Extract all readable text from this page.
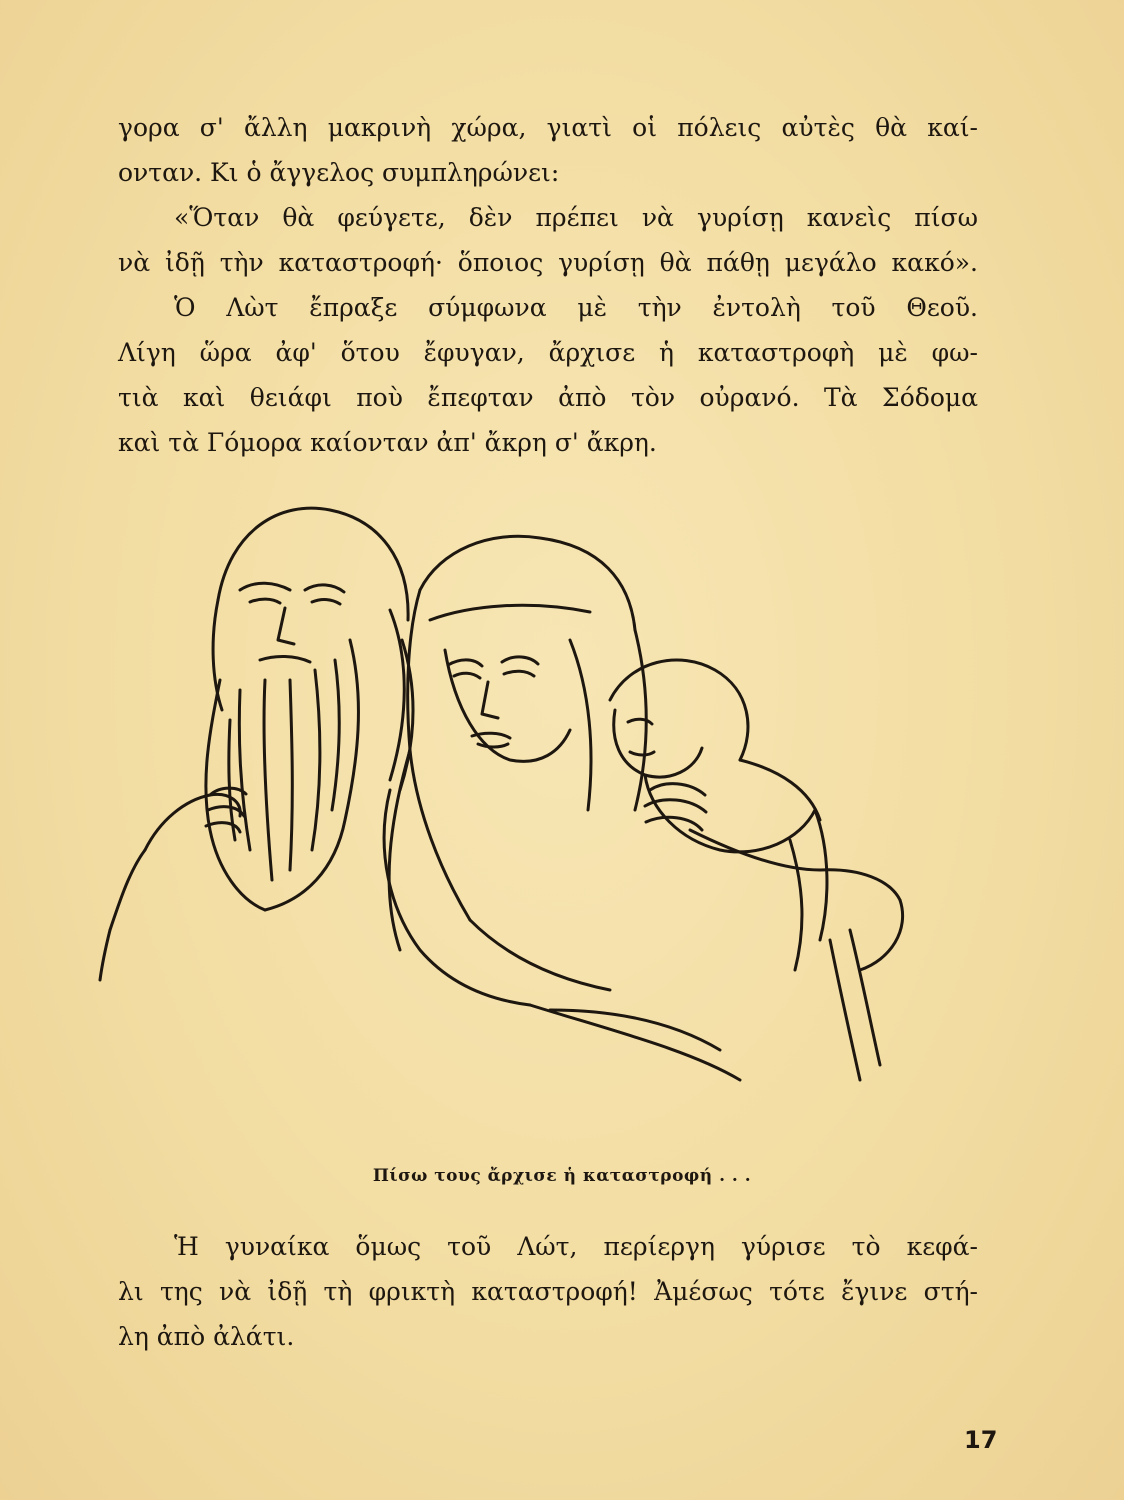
γορα σ' ἄλλη μακρινὴ χώρα, γιατὶ οἱ πόλεις αὐτὲς θὰ καί-
ονταν. Κι ὁ ἄγγελος συμπληρώνει:
«Ὅταν θὰ φεύγετε, δὲν πρέπει νὰ γυρίσῃ κανεὶς πίσω
νὰ ἰδῇ τὴν καταστροφή· ὅποιος γυρίσῃ θὰ πάθῃ μεγάλο κακό».
Ὁ Λὼτ ἔπραξε σύμφωνα μὲ τὴν ἐντολὴ τοῦ Θεοῦ.
Λίγη ὥρα ἀφ' ὅτου ἔφυγαν, ἄρχισε ἡ καταστροφὴ μὲ φω-
τιὰ καὶ θειάφι ποὺ ἔπεφταν ἀπὸ τὸν οὐρανό. Τὰ Σόδομα
καὶ τὰ Γόμορα καίονταν ἀπ' ἄκρη σ' ἄκρη.
Πίσω τους ἄρχισε ἡ καταστροφή . . .
Ἡ γυναίκα ὅμως τοῦ Λώτ, περίεργη γύρισε τὸ κεφά-
λι της νὰ ἰδῇ τὴ φρικτὴ καταστροφή! Ἀμέσως τότε ἔγινε στή-
λη ἀπὸ ἀλάτι.
17
